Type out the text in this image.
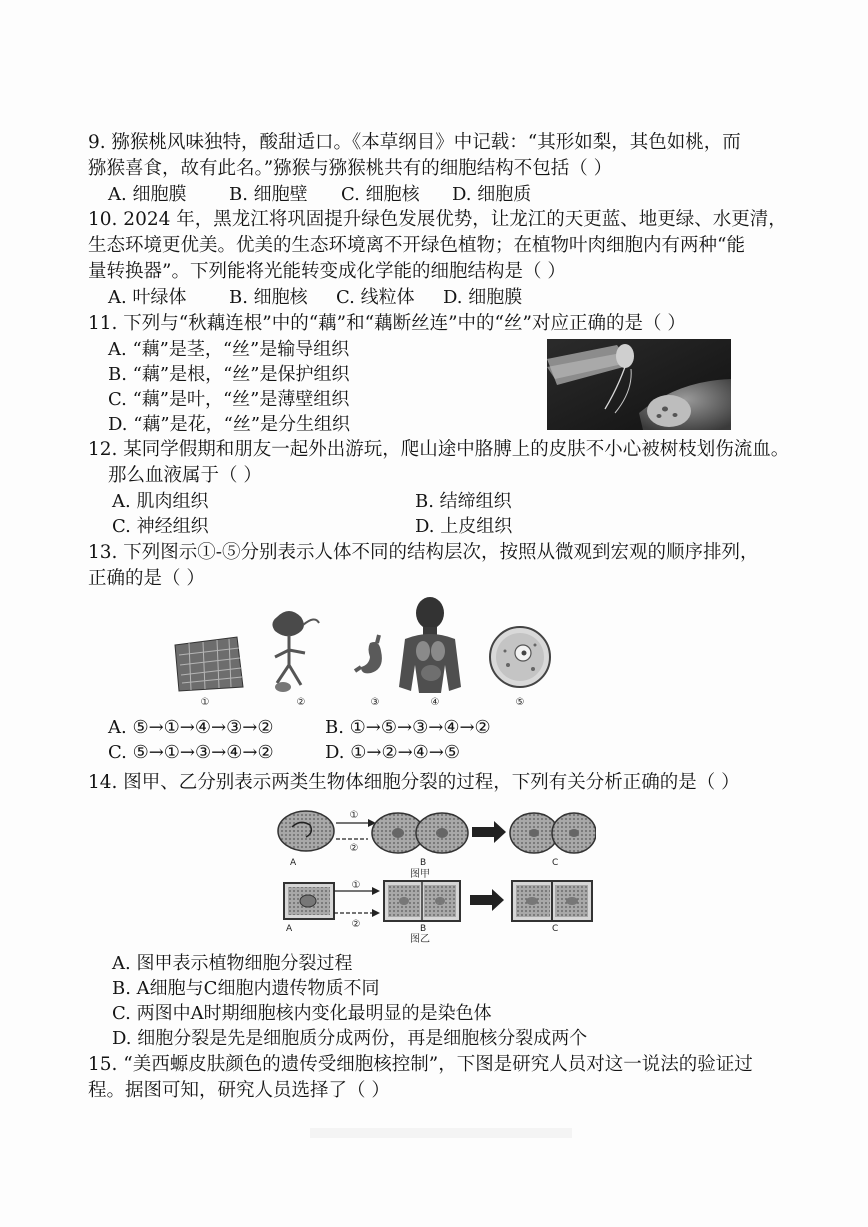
9. 猕猴桃风味独特，酸甜适口。《本草纲目》中记载：“其形如梨，其色如桃，而
猕猴喜食，故有此名。”猕猴与猕猴桃共有的细胞结构不包括（ ）
A. 细胞膜 B. 细胞壁 C. 细胞核 D. 细胞质
10. 2024 年，黑龙江将巩固提升绿色发展优势，让龙江的天更蓝、地更绿、水更清，
生态环境更优美。优美的生态环境离不开绿色植物；在植物叶肉细胞内有两种“能
量转换器”。下列能将光能转变成化学能的细胞结构是（ ）
A. 叶绿体 B. 细胞核 C. 线粒体 D. 细胞膜
11. 下列与“秋藕连根”中的“藕”和“藕断丝连”中的“丝”对应正确的是（ ）
A. “藕”是茎，“丝”是输导组织
B. “藕”是根，“丝”是保护组织
C. “藕”是叶，“丝”是薄壁组织
D. “藕”是花，“丝”是分生组织
12. 某同学假期和朋友一起外出游玩，爬山途中胳膊上的皮肤不小心被树枝划伤流血。
那么血液属于（ ）
A. 肌肉组织	B. 结缔组织
C. 神经组织	D. 上皮组织
13. 下列图示①-⑤分别表示人体不同的结构层次，按照从微观到宏观的顺序排列，
正确的是（ ）
①	②	③	④	⑤
A. ⑤→①→④→③→②	B. ①→⑤→③→④→②
C. ⑤→①→③→④→②	D. ①→②→④→⑤
14. 图甲、乙分别表示两类生物体细胞分裂的过程，下列有关分析正确的是（ ）
①
②
A	B	C
图甲
①
②
A	B	C
图乙
A. 图甲表示植物细胞分裂过程
B. A细胞与C细胞内遗传物质不同
C. 两图中A时期细胞核内变化最明显的是染色体
D. 细胞分裂是先是细胞质分成两份，再是细胞核分裂成两个
15. “美西螈皮肤颜色的遗传受细胞核控制”，下图是研究人员对这一说法的验证过
程。据图可知，研究人员选择了（ ）
